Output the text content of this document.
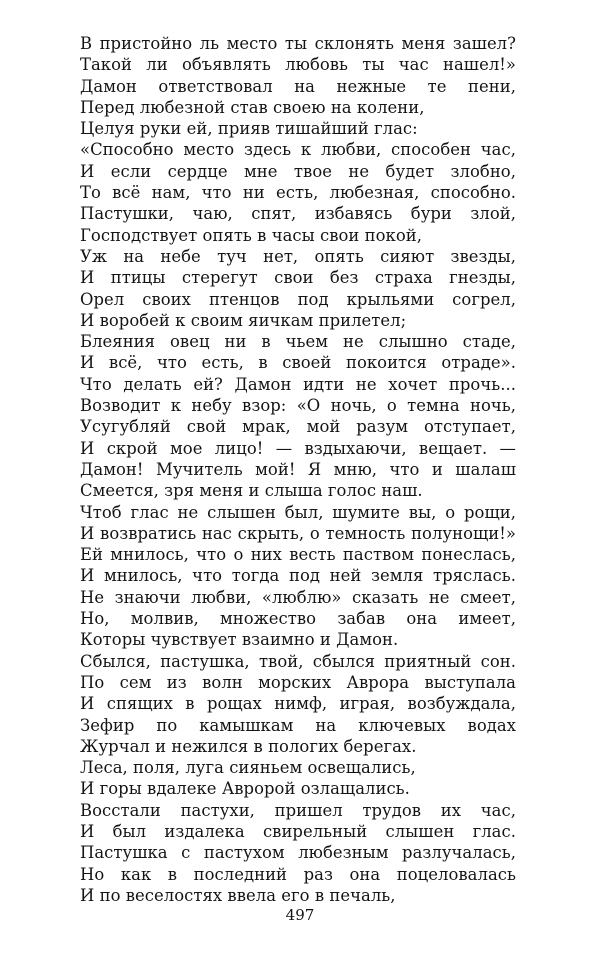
В пристойно ль место ты склонять меня зашел?
Такой ли объявлять любовь ты час нашел!»
Дамон ответствовал на нежные те пени,
Перед любезной став своею на колени,
Целуя руки ей, прияв тишайший глас:
«Способно место здесь к любви, способен час,
И если сердце мне твое не будет злобно,
То всё нам, что ни есть, любезная, способно.
Пастушки, чаю, спят, избавясь бури злой,
Господствует опять в часы свои покой,
Уж на небе туч нет, опять сияют звезды,
И птицы стерегут свои без страха гнезды,
Орел своих птенцов под крыльями согрел,
И воробей к своим яичкам прилетел;
Блеяния овец ни в чьем не слышно стаде,
И всё, что есть, в своей покоится отраде».
Что делать ей? Дамон идти не хочет прочь...
Возводит к небу взор: «О ночь, о темна ночь,
Усугубляй свой мрак, мой разум отступает,
И скрой мое лицо! — вздыхаючи, вещает. —
Дамон! Мучитель мой! Я мню, что и шалаш
Смеется, зря меня и слыша голос наш.
Чтоб глас не слышен был, шумите вы, о рощи,
И возвратись нас скрыть, о темность полунощи!»
Ей мнилось, что о них весть паством понеслась,
И мнилось, что тогда под ней земля тряслась.
Не знаючи любви, «люблю» сказать не смеет,
Но, молвив, множество забав она имеет,
Которы чувствует взаимно и Дамон.
Сбылся, пастушка, твой, сбылся приятный сон.
По сем из волн морских Аврора выступала
И спящих в рощах нимф, играя, возбуждала,
Зефир по камышкам на ключевых водах
Журчал и нежился в пологих берегах.
Леса, поля, луга сияньем освещались,
И горы вдалеке Авророй озлащались.
Восстали пастухи, пришел трудов их час,
И был издалека свирельный слышен глас.
Пастушка с пастухом любезным разлучалась,
Но как в последний раз она поцеловалась
И по веселостях ввела его в печаль,
497
